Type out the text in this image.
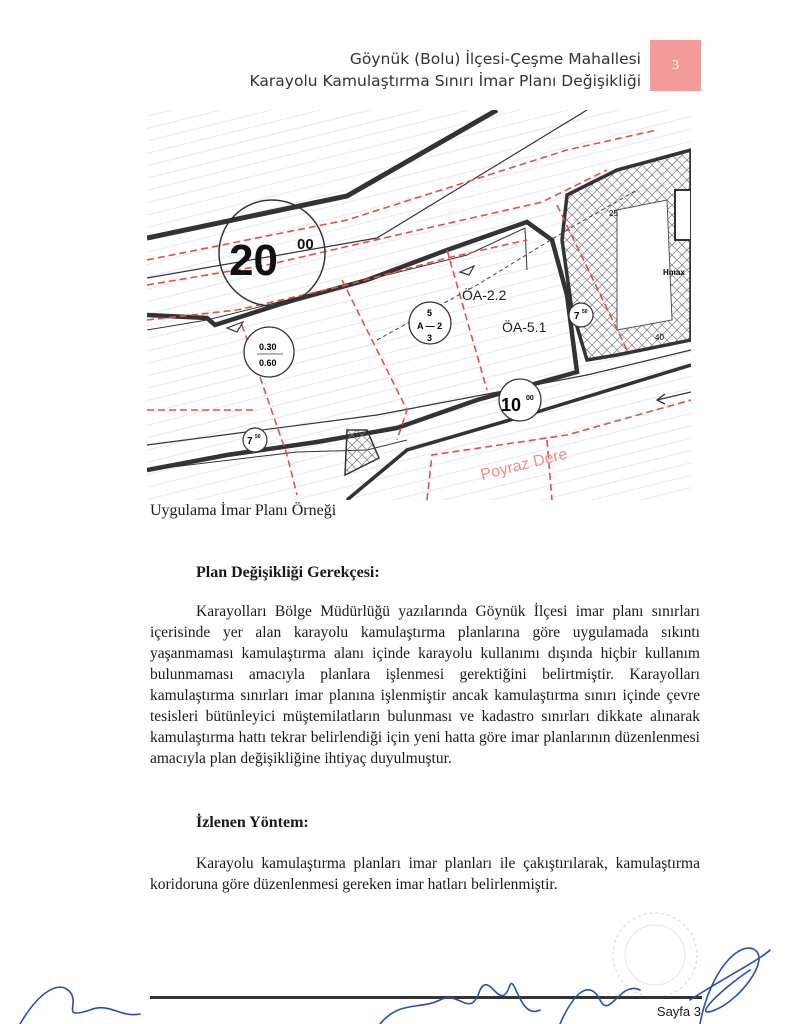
Göynük (Bolu) İlçesi-Çeşme Mahallesi
Karayolu Kamulaştırma Sınırı İmar Planı Değişikliği
3
20 00
0.30
0.60
5
A — 2
3
ÖA-2.2
ÖA-5.1
10 00
7 50
7 50
25
40
Hmax
Poyraz Dere
Uygulama İmar Planı Örneği
Plan Değişikliği Gerekçesi:

Karayolları Bölge Müdürlüğü yazılarında Göynük İlçesi imar planı sınırları içerisinde yer alan karayolu kamulaştırma planlarına göre uygulamada sıkıntı yaşanmaması kamulaştırma alanı içinde karayolu kullanımı dışında hiçbir kullanım bulunmaması amacıyla planlara işlenmesi gerektiğini belirtmiştir. Karayolları kamulaştırma sınırları imar planına işlenmiştir ancak kamulaştırma sınırı içinde çevre tesisleri bütünleyici müştemilatların bulunması ve kadastro sınırları dikkate alınarak kamulaştırma hattı tekrar belirlendiği için yeni hatta göre imar planlarının düzenlenmesi amacıyla plan değişikliğine ihtiyaç duyulmuştur.

İzlenen Yöntem:

Karayolu kamulaştırma planları imar planları ile çakıştırılarak, kamulaştırma koridoruna göre düzenlenmesi gereken imar hatları belirlenmiştir.

Sayfa 3
